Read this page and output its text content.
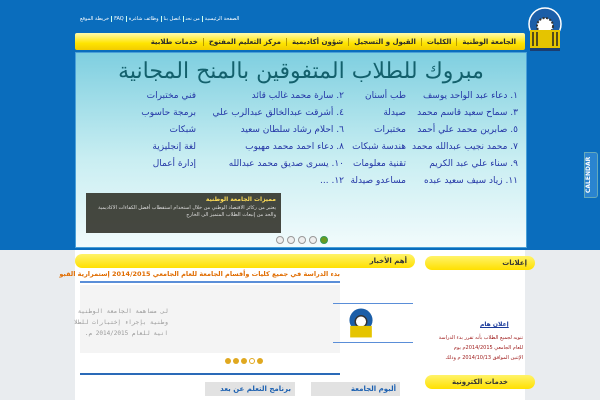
الصفحة الرئيسيةمن نحناتصل بناوظائف شاغرةFAQخريطة الموقع
الجامعة الوطنية
الكليات
القبول و التسجيل
شؤون أكاديمية
مركز التعليم المفتوح
خدمات طلابية
مبروك للطلاب المتفوقين بالمنح المجانية
١. دعاء عبد الواحد يوسف
طب أسنان
٢. سارة محمد غالب قائد
فني مختبرات
٣. سماح سعيد قاسم محمد
صيدلة
٤. أشرقت عبدالخالق عبدالرب علي
برمجة حاسوب
٥. صابرين محمد علي أحمد
مختبرات
٦. احلام رشاد سلطان سعيد
شبكات
٧. محمد نجيب عبدالله محمد
هندسة شبكات
٨. دعاء احمد محمد مهيوب
لغة إنجليزية
٩. سناء علي عبد الكريم
تقنية معلومات
١٠. يسرى صديق محمد عبدالله
إدارة أعمال
١١. زياد سيف سعيد عبده
مساعدو صيدلة
١٢. ...
مميزات الجامعة الوطنية
يعتبر من ركائز الاقتصاد الوطني من خلال استخدام استقطاب أفضل الكفاءات الاكاديمية والحد من إنبعاث الطلاب المتميز الى الخارج
CALENDAR
أهم الأخبار
بدء الدراسة في جميع كليات وأقسام الجامعة للعام الجامعي 2014/2015 إستمرارية القبو
لى مساهمة الجامعة الوطنية
وطنية بإجراء إختبارات للطلا
انية للعام 2014/2015 م.
ألبوم الجامعة
برنامج التعلم عن بعد
إعلانات
إعلان هام
تنويه لجميع الطلاب بأنه تقرر بدء الدراسة
للعام الجامعي 2014/2015م يوم
الإثنين الموافق 2014/10/13 م وذلك
خدمات الكترونية
